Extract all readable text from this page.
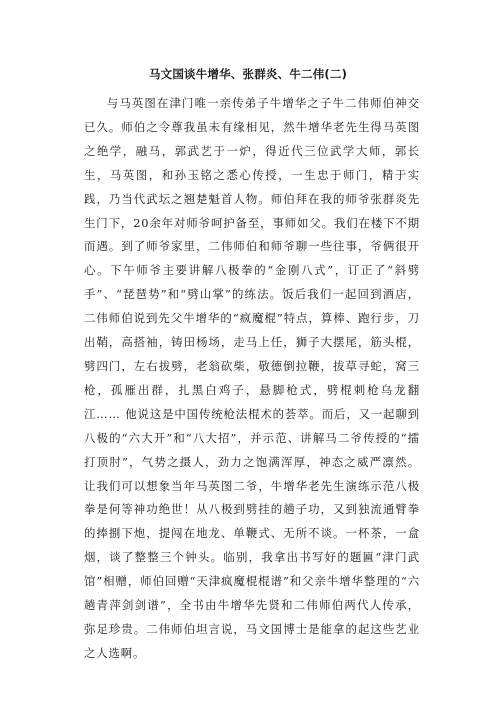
马文国谈牛增华、张群炎、牛二伟(二)

与马英图在津门唯一亲传弟子牛增华之子牛二伟师伯神交已久。师伯之令尊我虽未有缘相见，然牛增华老先生得马英图之绝学，融马，郭武艺于一炉，得近代三位武学大师，郭长生，马英图，和孙玉铭之悉心传授，一生忠于师门，精于实践，乃当代武坛之翘楚魁首人物。师伯拜在我的师爷张群炎先生门下，20余年对师爷呵护备至，事师如父。我们在楼下不期而遇。到了师爷家里，二伟师伯和师爷聊一些往事，爷俩很开心。下午师爷主要讲解八极拳的“金刚八式”，订正了“斜劈手”、“琵琶势”和“劈山掌”的练法。饭后我们一起回到酒店，二伟师伯说到先父牛增华的“疯魔棍”特点，算棒、跑行步，刀出鞘，高搭袖，铸田杨场，走马上任，狮子大摆尾，筋头棍，劈四门，左右拔劈，老翁砍柴，敬德倒拉鞭，拔草寻蛇，窝三枪，孤雁出群，扎黑白鸡子，悬脚枪式，劈棍刺枪乌龙翻江…… 他说这是中国传统枪法棍术的荟萃。而后，又一起聊到八极的“六大开”和“八大招”，并示范、讲解马二爷传授的“擂打顶肘”，气势之摄人，劲力之饱满浑厚，神态之威严凛然。让我们可以想象当年马英图二爷，牛增华老先生演练示范八极拳是何等神功绝世！从八极到劈挂的趟子功，又到独流通臂拳的捧捌下炮，提闯在地龙、单鞭式、无所不谈。一杯茶，一盒烟，谈了整整三个钟头。临别，我拿出书写好的题匾“津门武馆”相赠，师伯回赠“天津疯魔棍棍谱”和父亲牛增华整理的“六趟青萍剑剑谱”，全书由牛增华先贤和二伟师伯两代人传承，弥足珍贵。二伟师伯坦言说，马文国博士是能拿的起这些艺业之人选啊。
